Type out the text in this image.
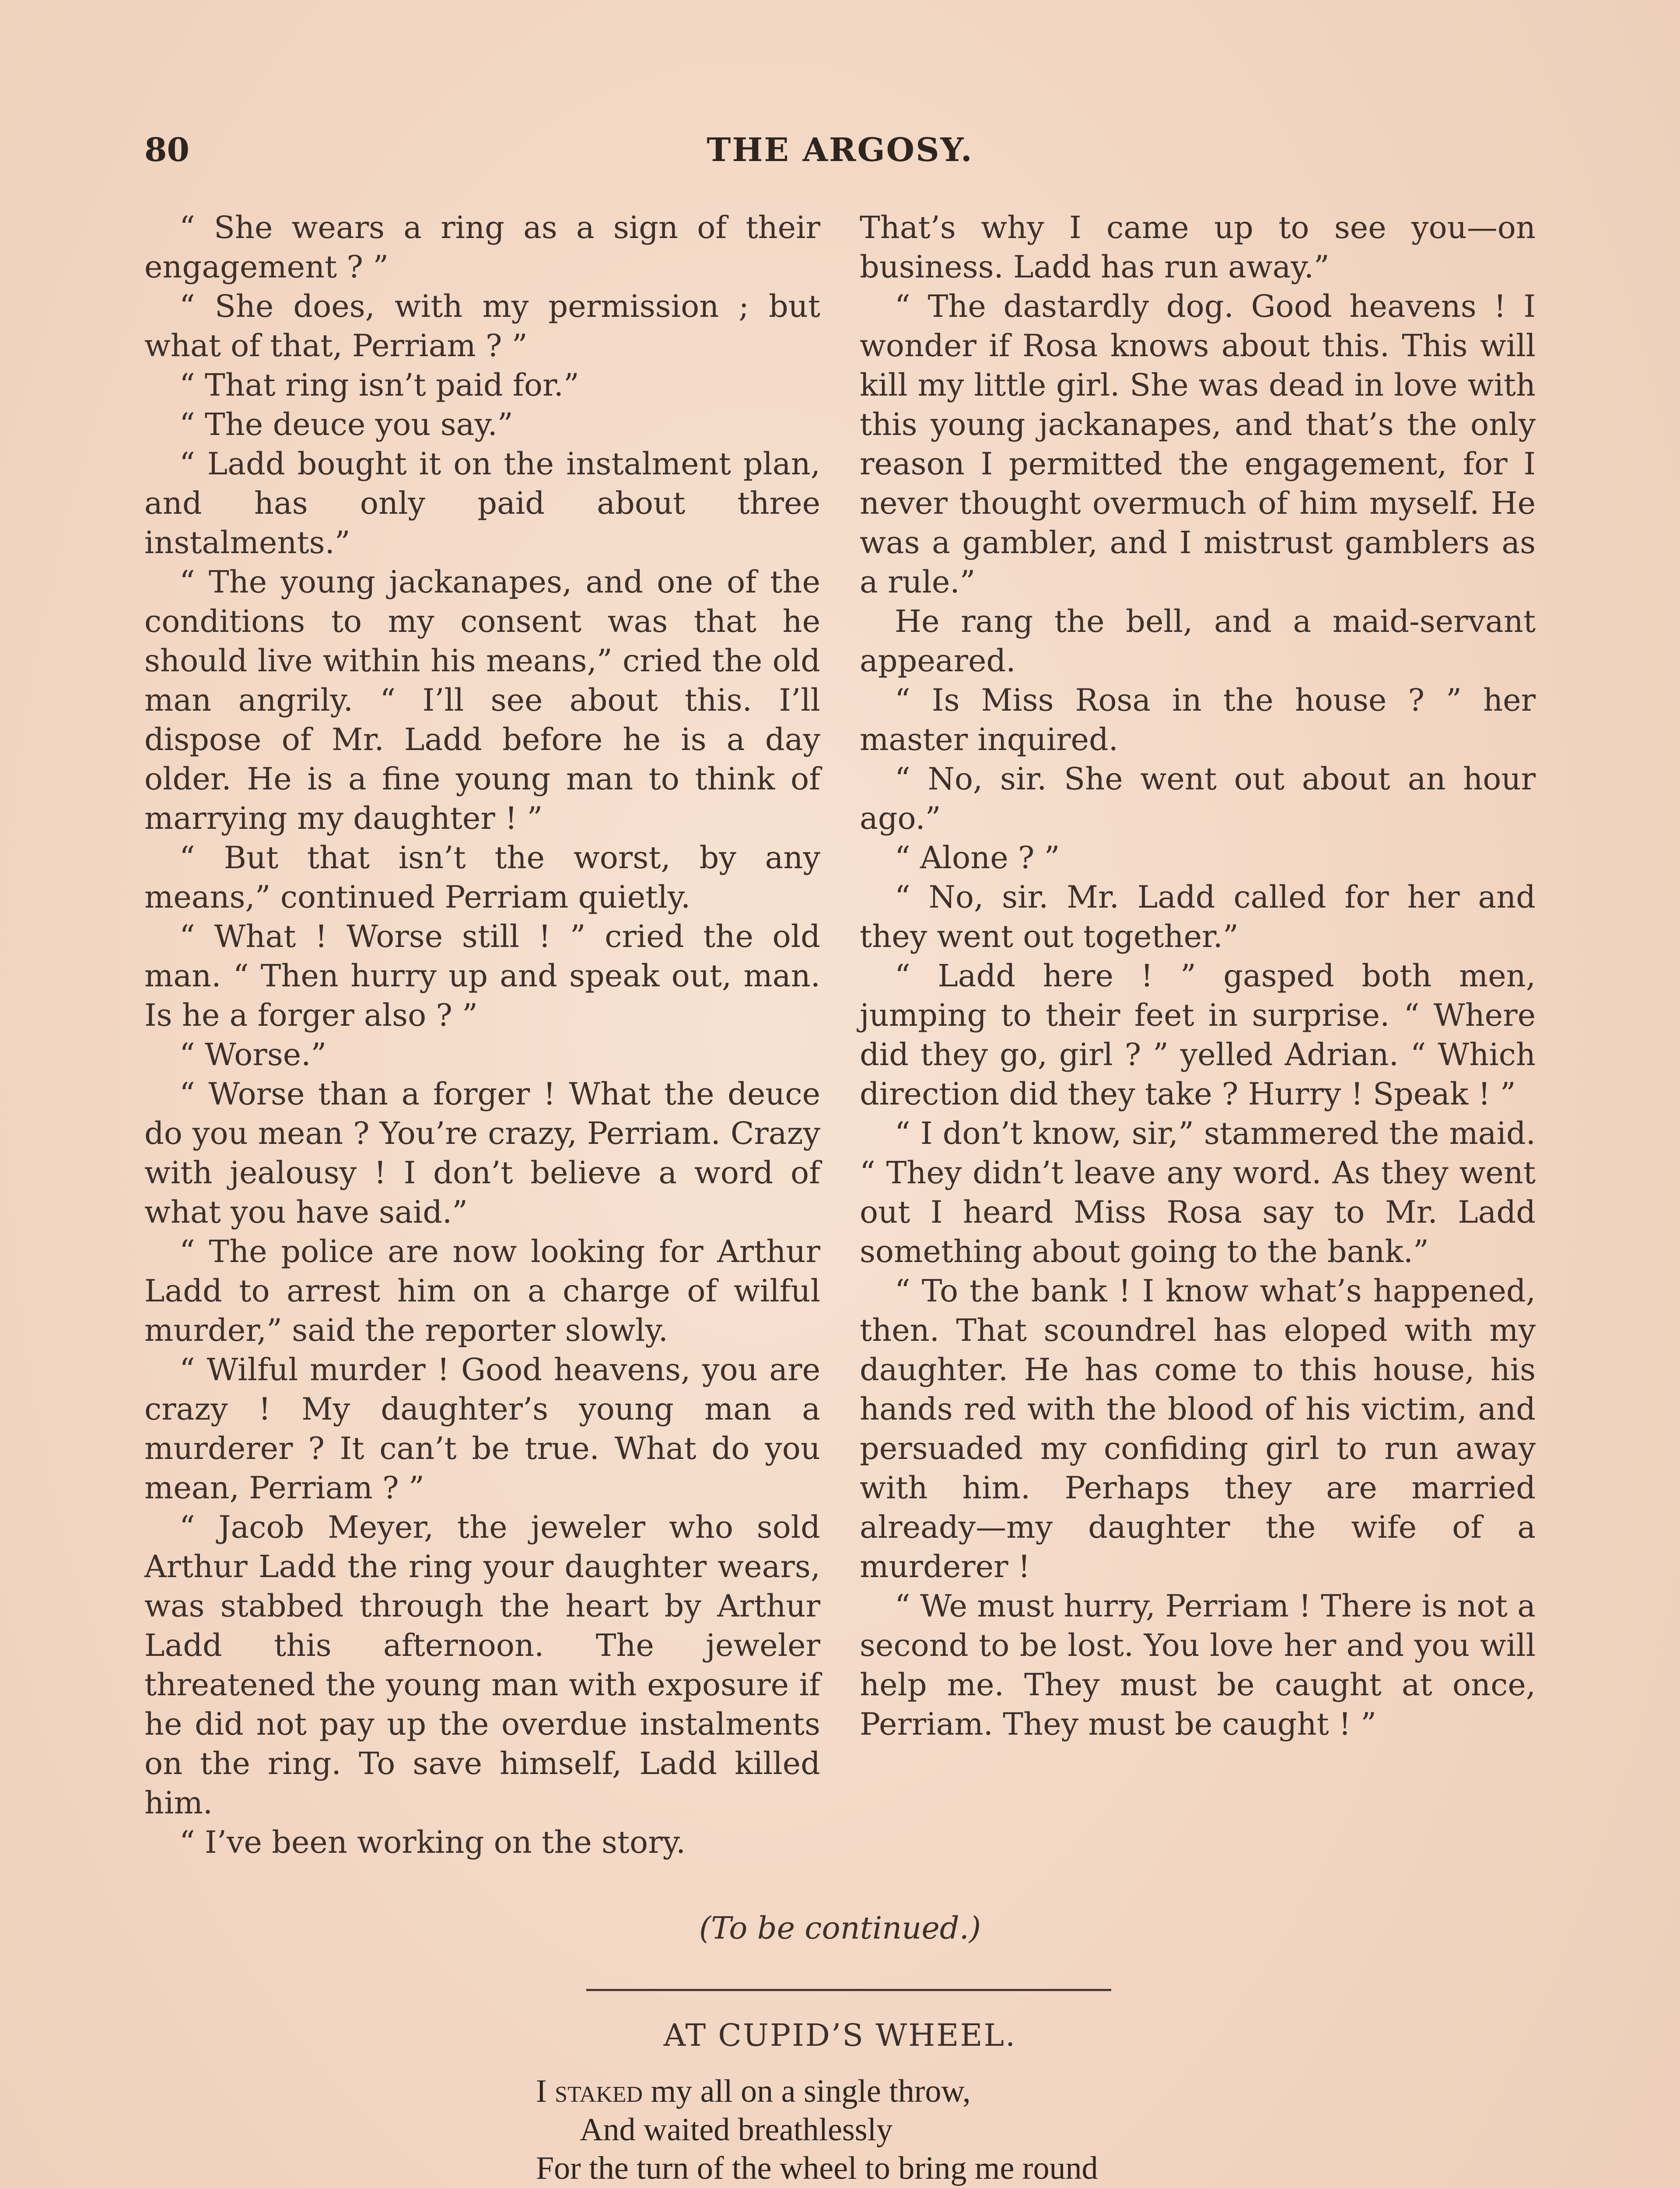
80	THE ARGOSY.

“ She wears a ring as a sign of their engagement ? ”

“ She does, with my permission ; but what of that, Perriam ? ”

“ That ring isn’t paid for.”

“ The deuce you say.”

“ Ladd bought it on the instalment plan, and has only paid about three instalments.”

“ The young jackanapes, and one of the conditions to my consent was that he should live within his means,” cried the old man angrily. “ I’ll see about this. I’ll dispose of Mr. Ladd before he is a day older. He is a fine young man to think of marrying my daughter ! ”

“ But that isn’t the worst, by any means,” continued Perriam quietly.

“ What ! Worse still ! ” cried the old man. “ Then hurry up and speak out, man. Is he a forger also ? ”

“ Worse.”

“ Worse than a forger ! What the deuce do you mean ? You’re crazy, Perriam. Crazy with jealousy ! I don’t believe a word of what you have said.”

“ The police are now looking for Arthur Ladd to arrest him on a charge of wilful murder,” said the reporter slowly.

“ Wilful murder ! Good heavens, you are crazy ! My daughter’s young man a murderer ? It can’t be true. What do you mean, Perriam ? ”

“ Jacob Meyer, the jeweler who sold Arthur Ladd the ring your daughter wears, was stabbed through the heart by Arthur Ladd this afternoon. The jeweler threatened the young man with exposure if he did not pay up the overdue instalments on the ring. To save himself, Ladd killed him.

“ I’ve been working on the story.

That’s why I came up to see you—on business. Ladd has run away.”

“ The dastardly dog. Good heavens ! I wonder if Rosa knows about this. This will kill my little girl. She was dead in love with this young jackanapes, and that’s the only reason I permitted the engagement, for I never thought overmuch of him myself. He was a gambler, and I mistrust gamblers as a rule.”

He rang the bell, and a maid-servant appeared.

“ Is Miss Rosa in the house ? ” her master inquired.

“ No, sir. She went out about an hour ago.”

“ Alone ? ”

“ No, sir. Mr. Ladd called for her and they went out together.”

“ Ladd here ! ” gasped both men, jumping to their feet in surprise. “ Where did they go, girl ? ” yelled Adrian. “ Which direction did they take ? Hurry ! Speak ! ”

“ I don’t know, sir,” stammered the maid. “ They didn’t leave any word. As they went out I heard Miss Rosa say to Mr. Ladd something about going to the bank.”

“ To the bank ! I know what’s happened, then. That scoundrel has eloped with my daughter. He has come to this house, his hands red with the blood of his victim, and persuaded my confiding girl to run away with him. Perhaps they are married already—my daughter the wife of a murderer !

“ We must hurry, Perriam ! There is not a second to be lost. You love her and you will help me. They must be caught at once, Perriam. They must be caught ! ”

(To be continued.)
AT CUPID’S WHEEL.
I staked my all on a single throw,
And waited breathlessly
For the turn of the wheel to bring me round
